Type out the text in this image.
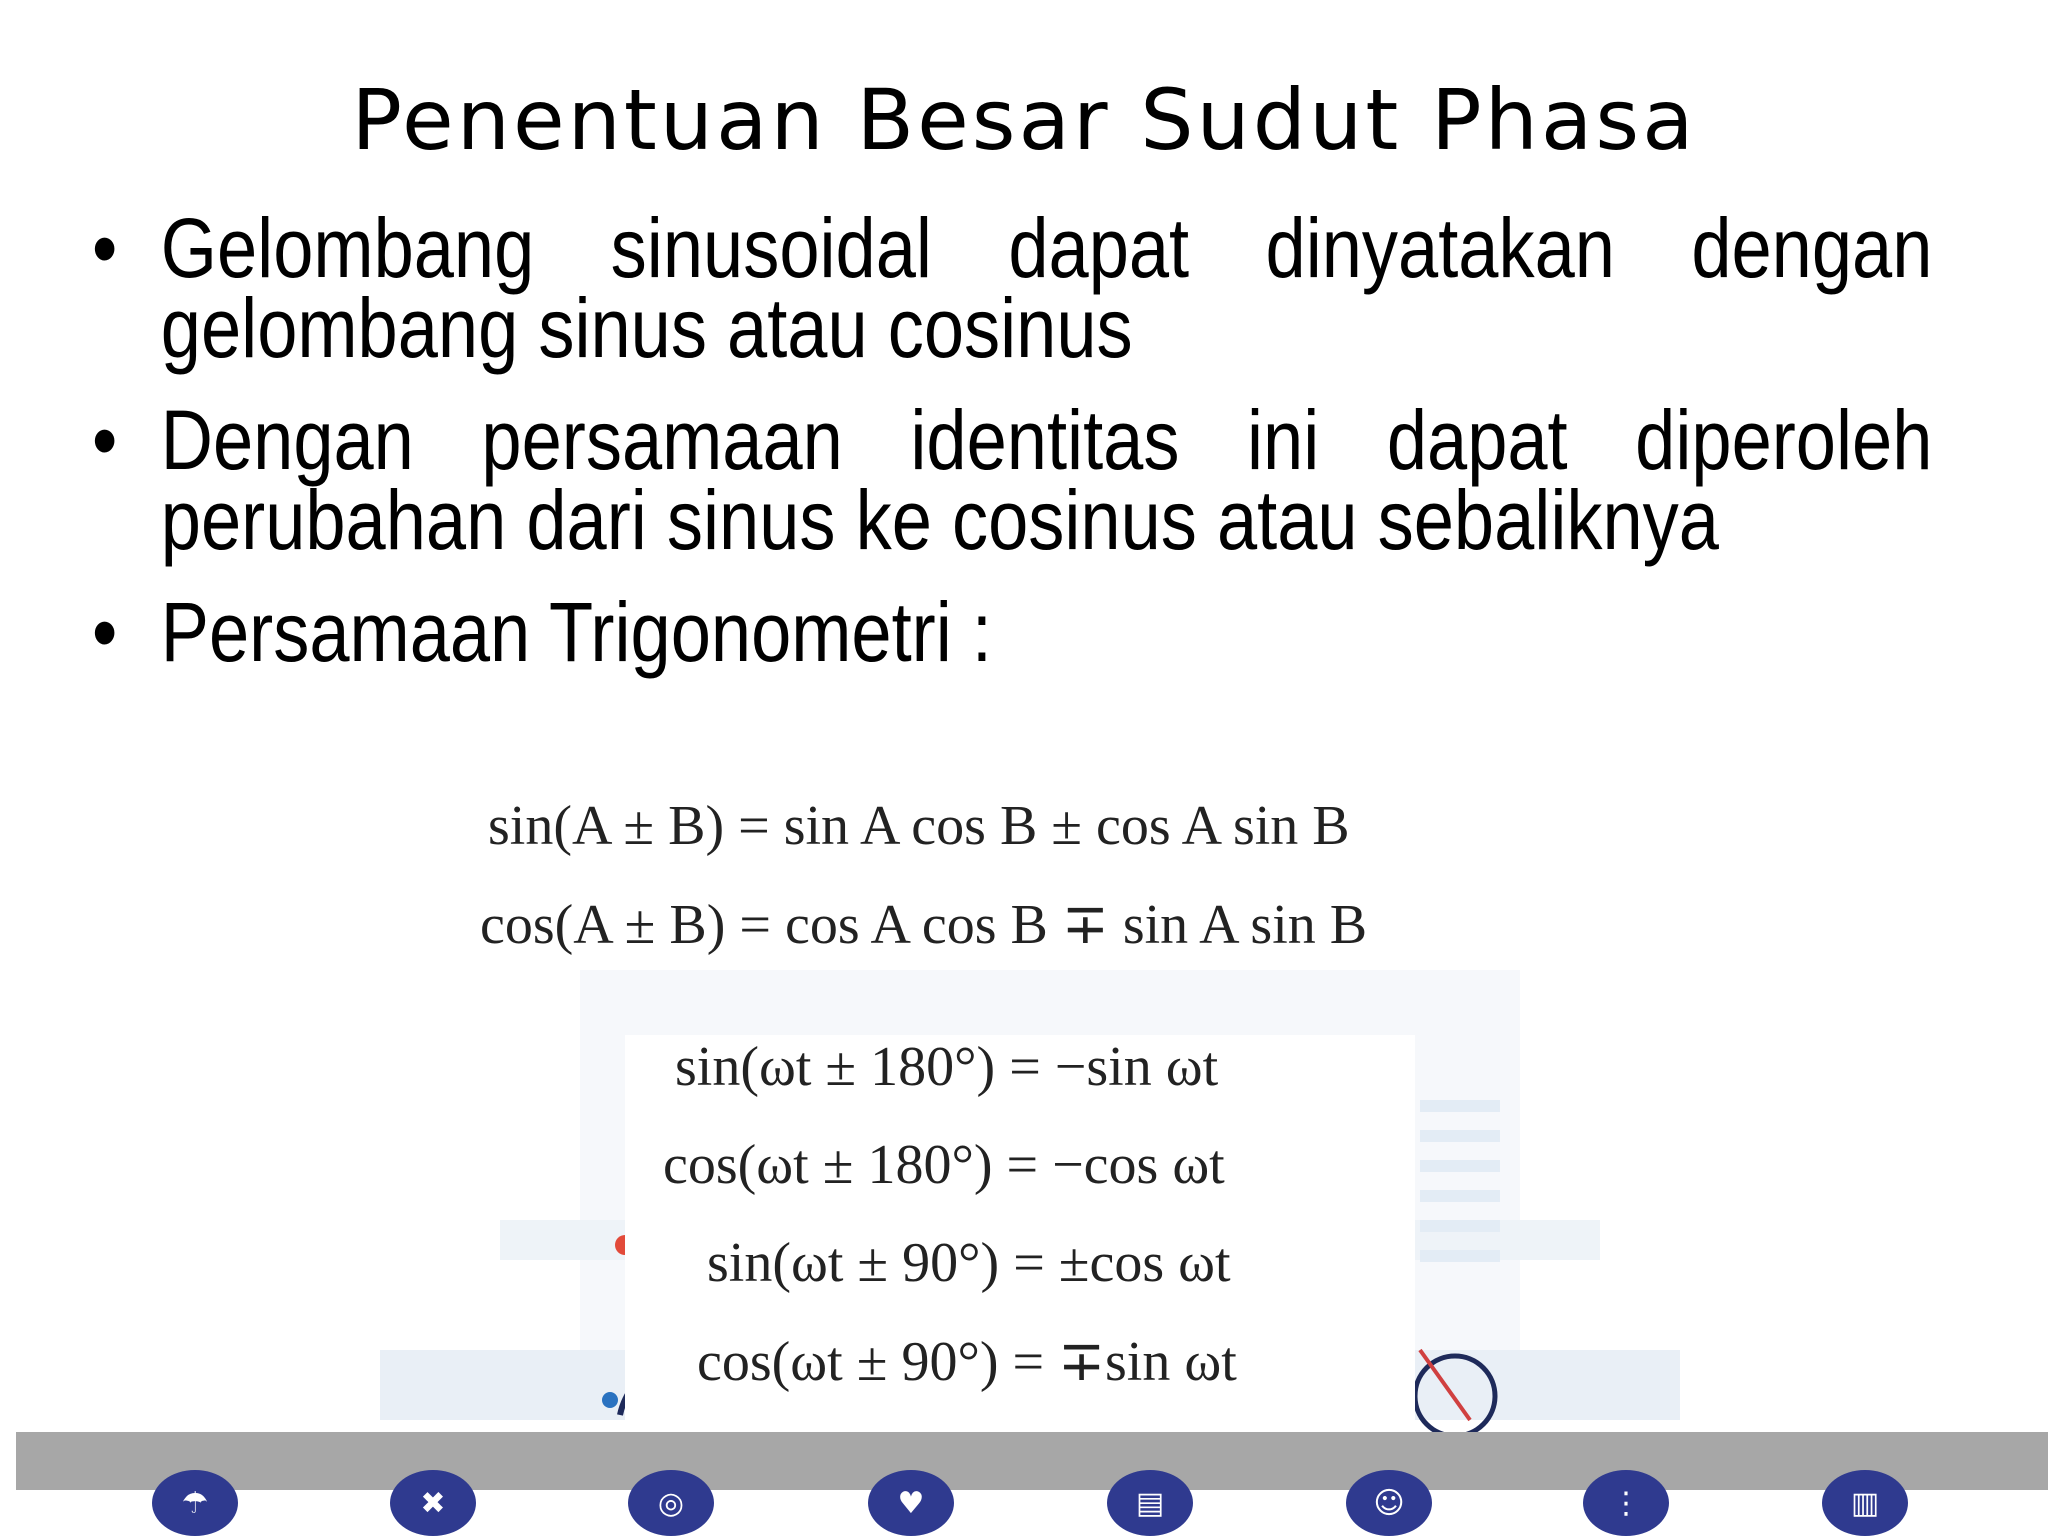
Penentuan Besar Sudut Phasa
• Gelombang sinusoidal dapat dinyatakan dengan gelombang sinus atau cosinus
• Dengan persamaan identitas ini dapat diperoleh perubahan dari sinus ke cosinus atau sebaliknya
• Persamaan Trigonometri :
sin(A ± B) = sin A cos B ± cos A sin B
cos(A ± B) = cos A cos B ∓ sin A sin B
sin(ωt ± 180°) = −sin ωt
cos(ωt ± 180°) = −cos ωt
sin(ωt ± 90°) = ±cos ωt
cos(ωt ± 90°) = ∓sin ωt
☂	✖	◎	♥	▤	☺	⋮	▥
